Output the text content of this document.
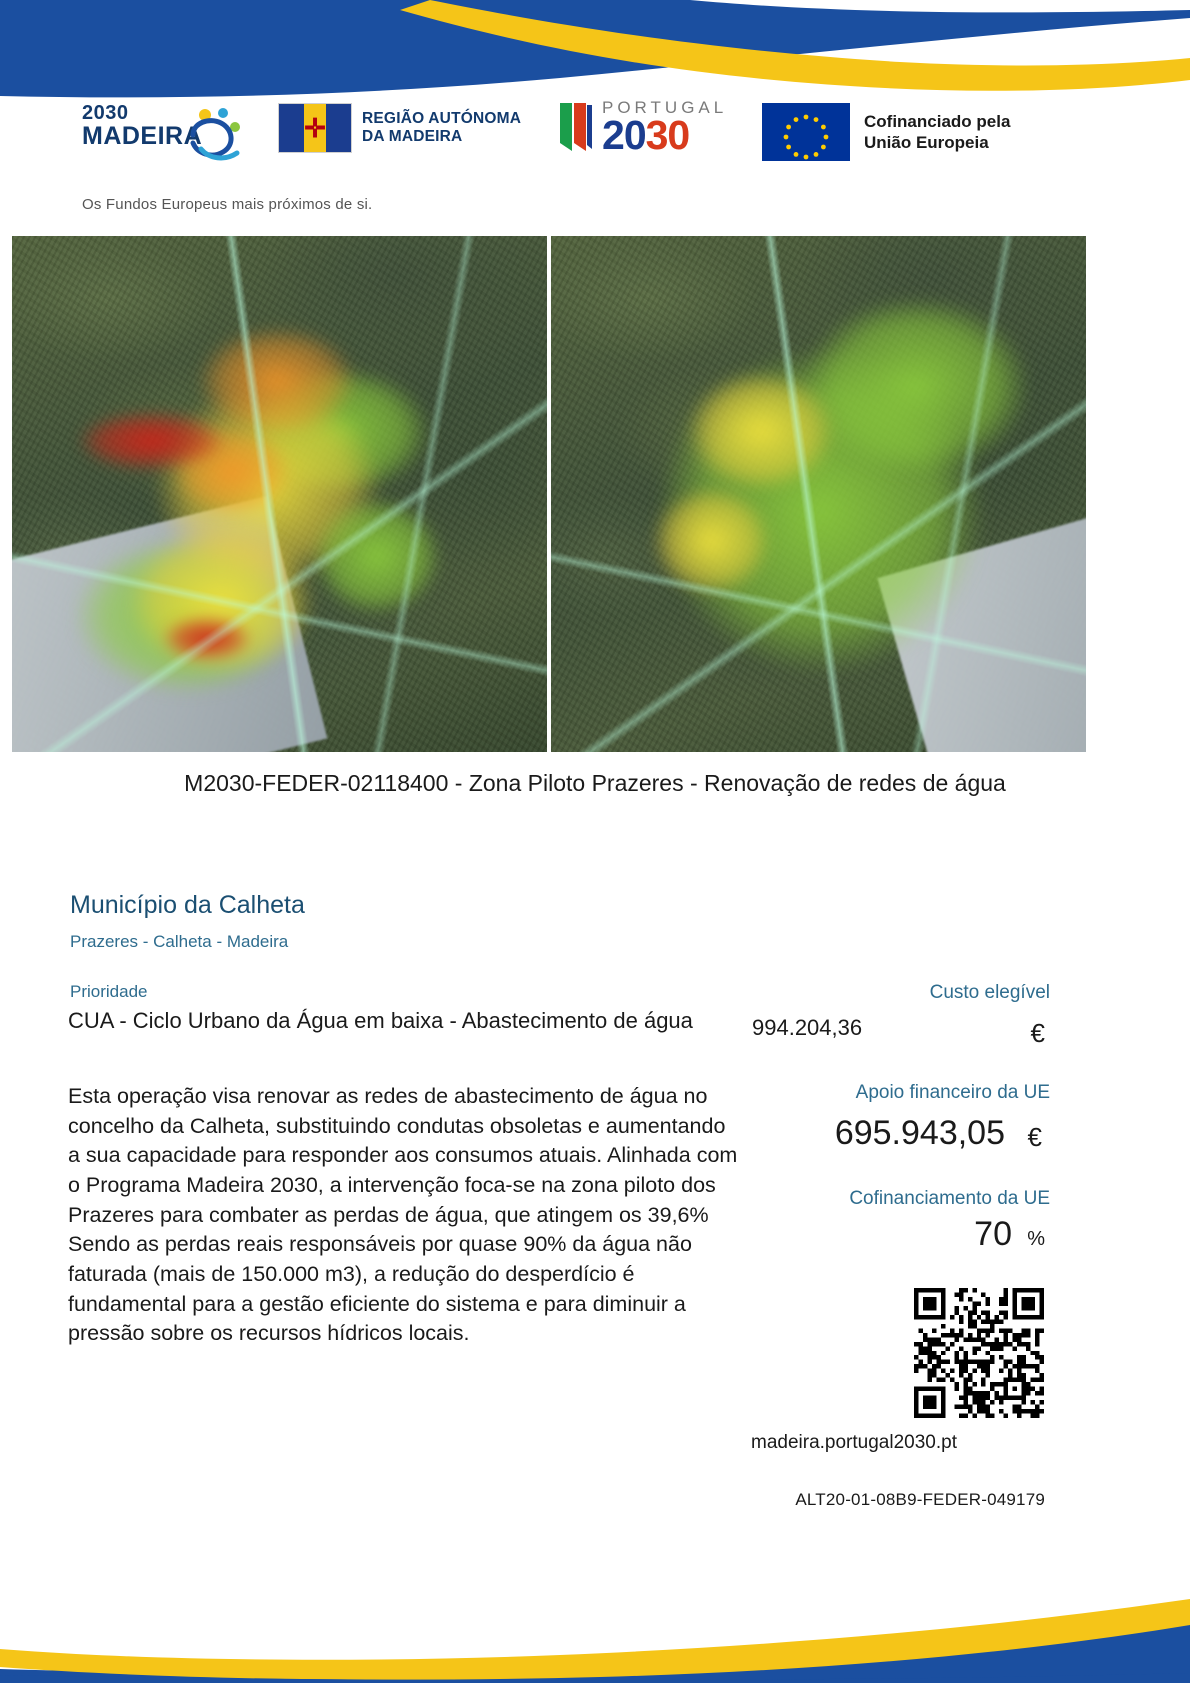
2030
MADEIRA	✛ REGIÃO AUTÓNOMA
DA MADEIRA
PORTUGAL
2030	Cofinanciado pela
União Europeia
Os Fundos Europeus mais próximos de si.
M2030-FEDER-02118400 - Zona Piloto Prazeres - Renovação de redes de água
Município da Calheta
Prazeres - Calheta - Madeira
Prioridade
CUA - Ciclo Urbano da Água em baixa - Abastecimento de água
Custo elegível
994.204,36	€
Esta operação visa renovar as redes de abastecimento de água no concelho da Calheta, substituindo condutas obsoletas e aumentando a sua capacidade para responder aos consumos atuais. Alinhada com o Programa Madeira 2030, a intervenção foca-se na zona piloto dos Prazeres para combater as perdas de água, que atingem os 39,6% Sendo as perdas reais responsáveis por quase 90% da água não faturada (mais de 150.000 m3), a redução do desperdício é fundamental para a gestão eficiente do sistema e para diminuir a pressão sobre os recursos hídricos locais.
Apoio financeiro da UE
695.943,05 €
Cofinanciamento da UE
70 %
madeira.portugal2030.pt
ALT20-01-08B9-FEDER-049179
